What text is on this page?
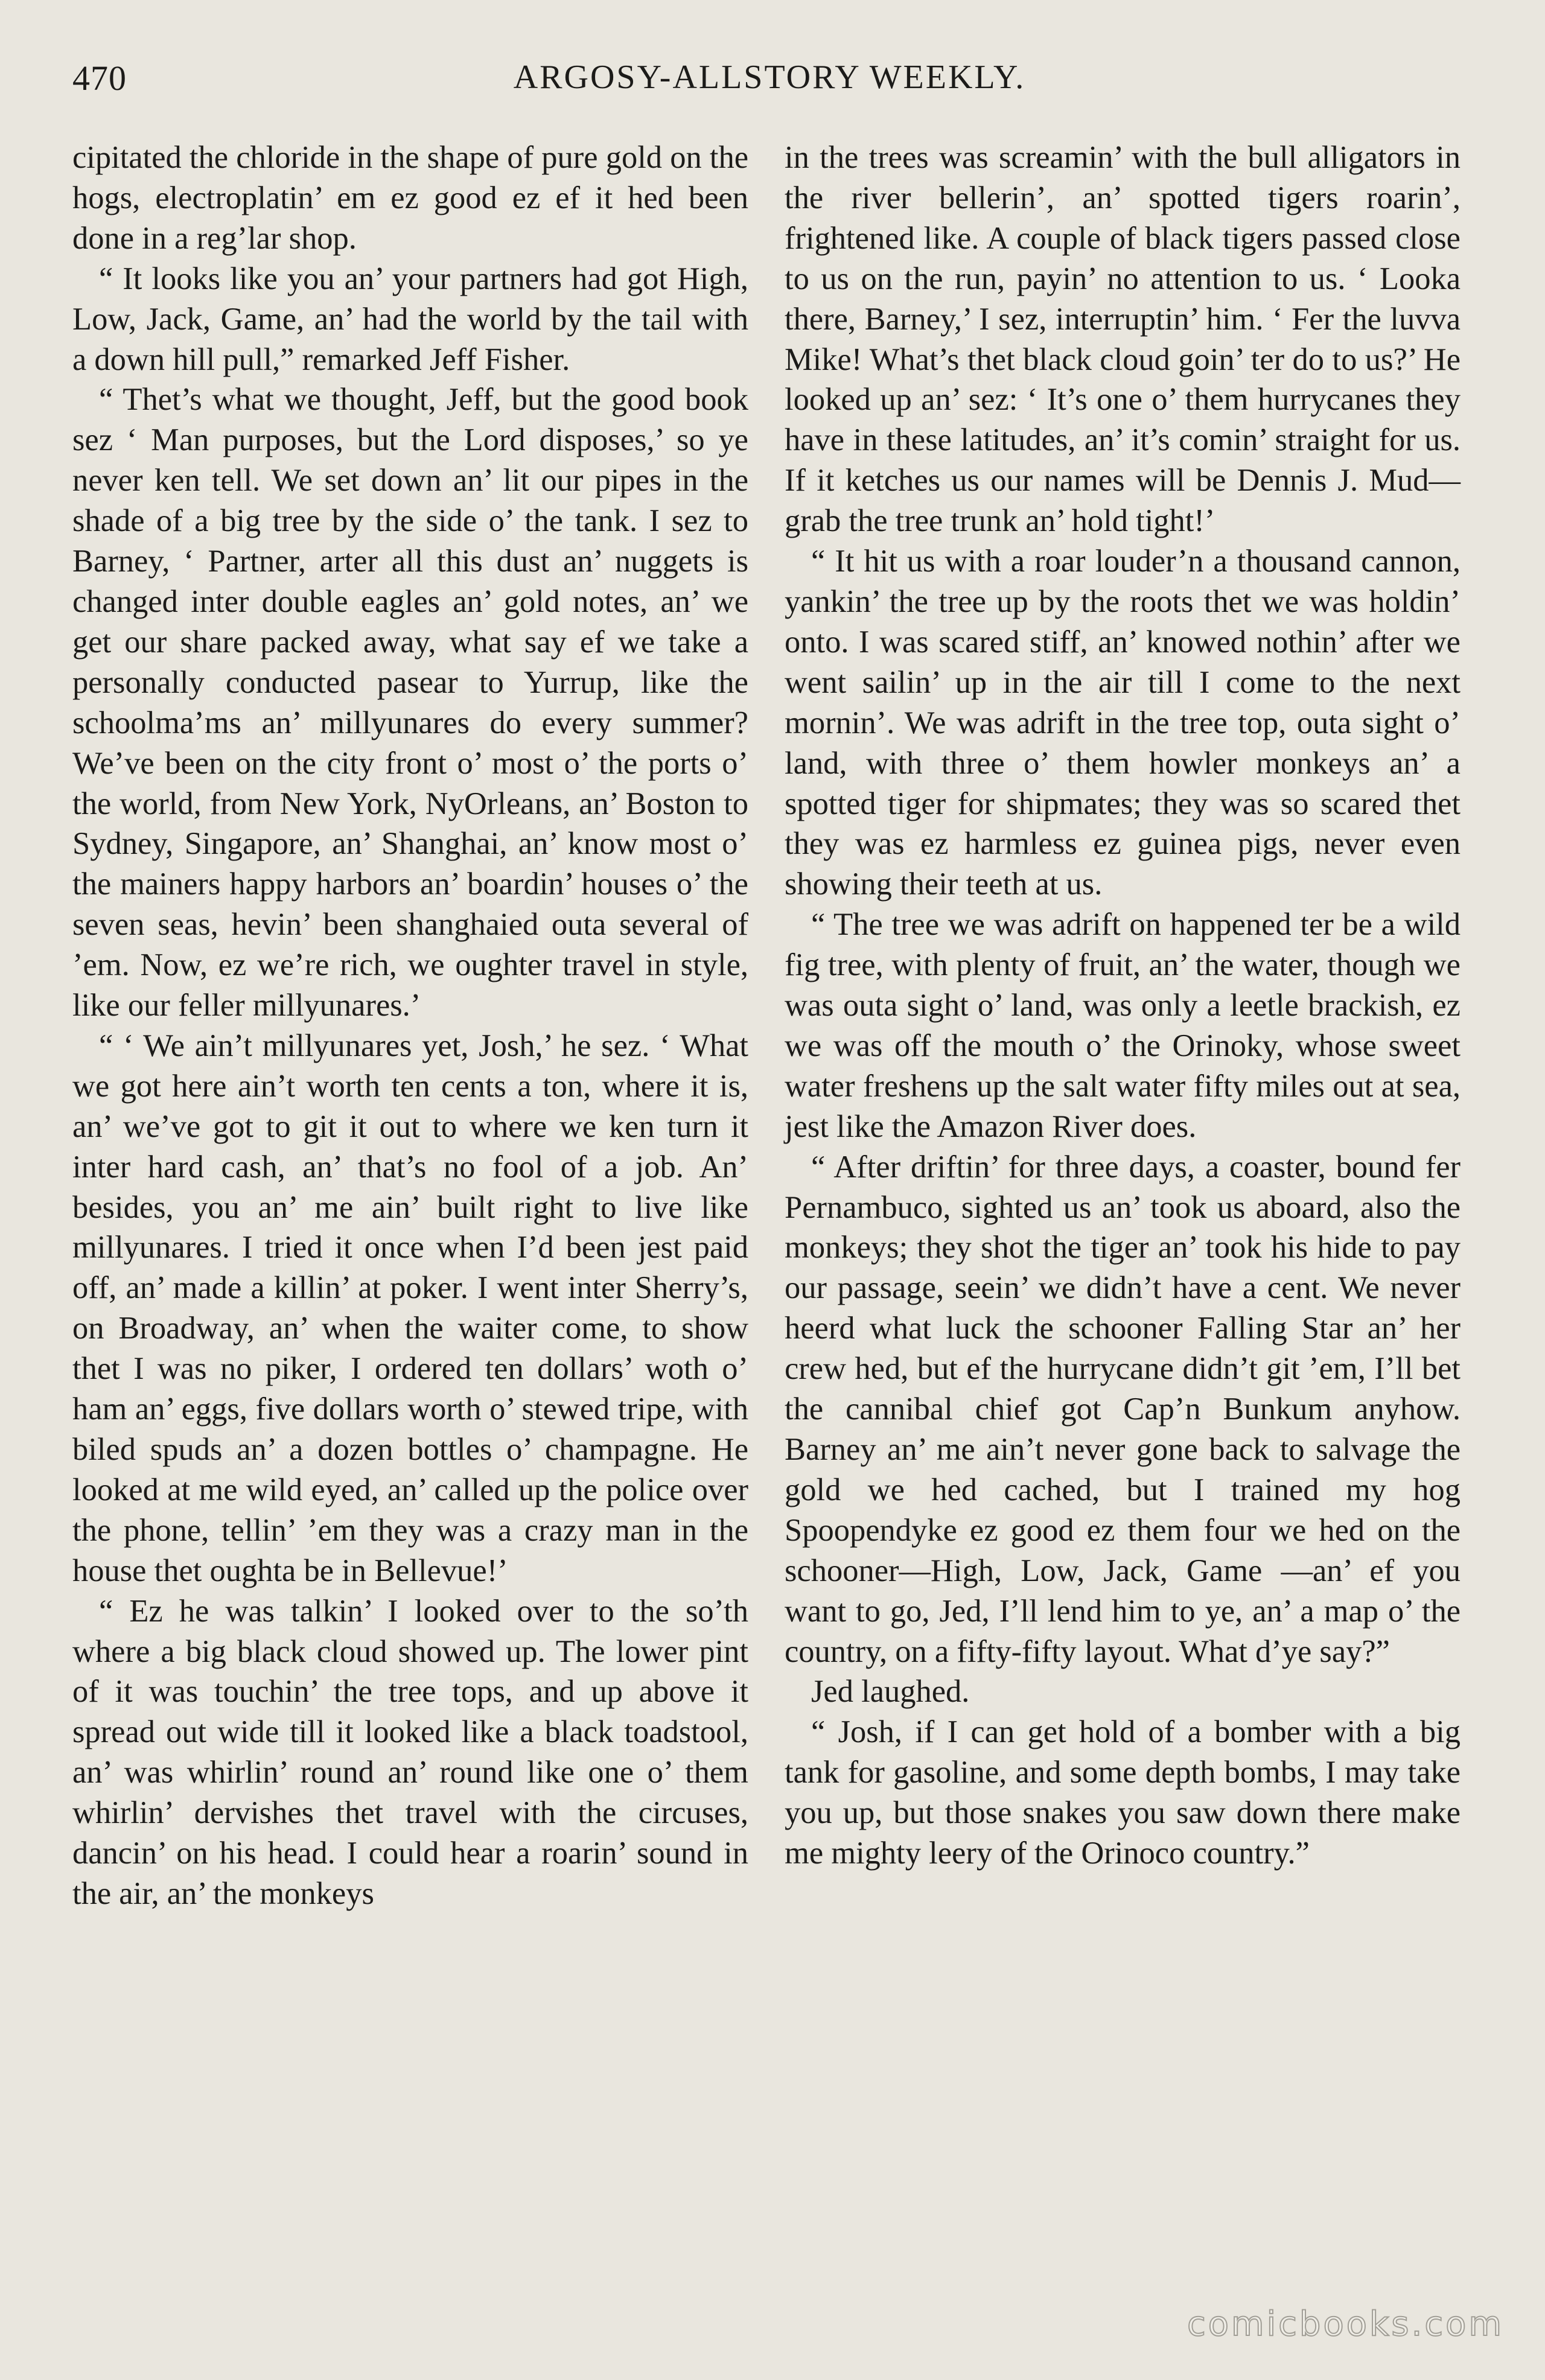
470	ARGOSY-ALLSTORY WEEKLY.

cipitated the chloride in the shape of pure gold on the hogs, electroplatin’ em ez good ez ef it hed been done in a reg’lar shop.

“ It looks like you an’ your partners had got High, Low, Jack, Game, an’ had the world by the tail with a down hill pull,” remarked Jeff Fisher.

“ Thet’s what we thought, Jeff, but the good book sez ‘ Man purposes, but the Lord disposes,’ so ye never ken tell. We set down an’ lit our pipes in the shade of a big tree by the side o’ the tank. I sez to Barney, ‘ Partner, arter all this dust an’ nuggets is changed inter double eagles an’ gold notes, an’ we get our share packed away, what say ef we take a personally conducted pasear to Yurrup, like the schoolma’ms an’ millyunares do every summer? We’ve been on the city front o’ most o’ the ports o’ the world, from New York, NyOrleans, an’ Boston to Sydney, Singapore, an’ Shanghai, an’ know most o’ the mainers happy harbors an’ boardin’ houses o’ the seven seas, hevin’ been shanghaied outa several of ’em. Now, ez we’re rich, we oughter travel in style, like our feller millyunares.’

“ ‘ We ain’t millyunares yet, Josh,’ he sez. ‘ What we got here ain’t worth ten cents a ton, where it is, an’ we’ve got to git it out to where we ken turn it inter hard cash, an’ that’s no fool of a job. An’ besides, you an’ me ain’ built right to live like millyunares. I tried it once when I’d been jest paid off, an’ made a killin’ at poker. I went inter Sherry’s, on Broadway, an’ when the waiter come, to show thet I was no piker, I ordered ten dollars’ woth o’ ham an’ eggs, five dollars worth o’ stewed tripe, with biled spuds an’ a dozen bottles o’ champagne. He looked at me wild eyed, an’ called up the police over the phone, tellin’ ’em they was a crazy man in the house thet oughta be in Bellevue!’

“ Ez he was talkin’ I looked over to the so’th where a big black cloud showed up. The lower pint of it was touchin’ the tree tops, and up above it spread out wide till it looked like a black toadstool, an’ was whirlin’ round an’ round like one o’ them whirlin’ dervishes thet travel with the circuses, dancin’ on his head. I could hear a roarin’ sound in the air, an’ the monkeys

in the trees was screamin’ with the bull alligators in the river bellerin’, an’ spotted tigers roarin’, frightened like. A couple of black tigers passed close to us on the run, payin’ no attention to us. ‘ Looka there, Barney,’ I sez, interruptin’ him. ‘ Fer the luvva Mike! What’s thet black cloud goin’ ter do to us?’ He looked up an’ sez: ‘ It’s one o’ them hurrycanes they have in these latitudes, an’ it’s comin’ straight for us. If it ketches us our names will be Dennis J. Mud—grab the tree trunk an’ hold tight!’

“ It hit us with a roar louder’n a thousand cannon, yankin’ the tree up by the roots thet we was holdin’ onto. I was scared stiff, an’ knowed nothin’ after we went sailin’ up in the air till I come to the next mornin’. We was adrift in the tree top, outa sight o’ land, with three o’ them howler monkeys an’ a spotted tiger for shipmates; they was so scared thet they was ez harmless ez guinea pigs, never even showing their teeth at us.

“ The tree we was adrift on happened ter be a wild fig tree, with plenty of fruit, an’ the water, though we was outa sight o’ land, was only a leetle brackish, ez we was off the mouth o’ the Orinoky, whose sweet water freshens up the salt water fifty miles out at sea, jest like the Amazon River does.

“ After driftin’ for three days, a coaster, bound fer Pernambuco, sighted us an’ took us aboard, also the monkeys; they shot the tiger an’ took his hide to pay our passage, seein’ we didn’t have a cent. We never heerd what luck the schooner Falling Star an’ her crew hed, but ef the hurrycane didn’t git ’em, I’ll bet the cannibal chief got Cap’n Bunkum anyhow. Barney an’ me ain’t never gone back to salvage the gold we hed cached, but I trained my hog Spoopendyke ez good ez them four we hed on the schooner—High, Low, Jack, Game —an’ ef you want to go, Jed, I’ll lend him to ye, an’ a map o’ the country, on a fifty-fifty layout. What d’ye say?”

Jed laughed.

“ Josh, if I can get hold of a bomber with a big tank for gasoline, and some depth bombs, I may take you up, but those snakes you saw down there make me mighty leery of the Orinoco country.”

comicbooks.com
